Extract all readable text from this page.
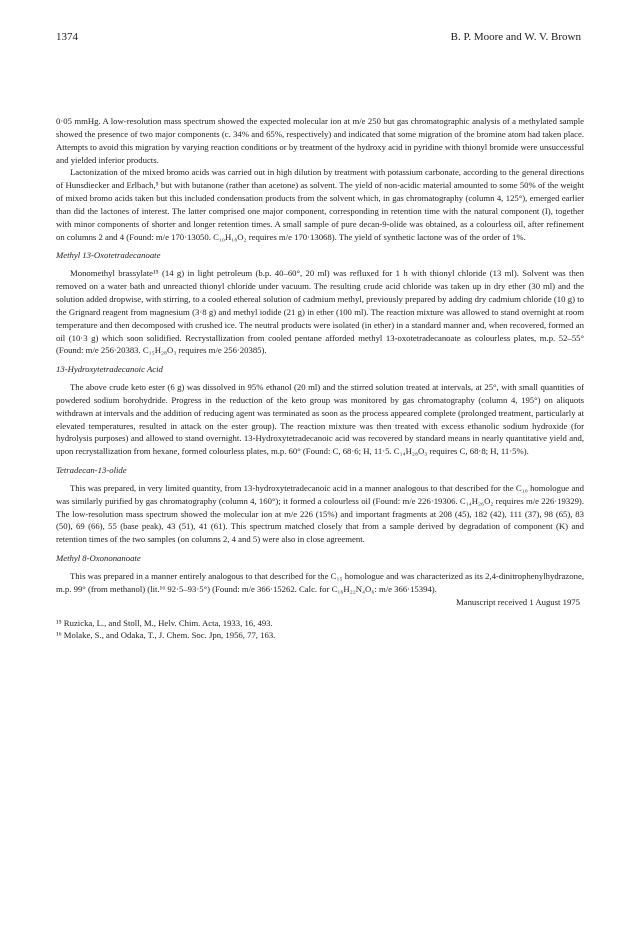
1374	B. P. Moore and W. V. Brown

0·05 mmHg. A low-resolution mass spectrum showed the expected molecular ion at m/e 250 but gas chromatographic analysis of a methylated sample showed the presence of two major components (c. 34% and 65%, respectively) and indicated that some migration of the bromine atom had taken place. Attempts to avoid this migration by varying reaction conditions or by treatment of the hydroxy acid in pyridine with thionyl bromide were unsuccessful and yielded inferior products.

Lactonization of the mixed bromo acids was carried out in high dilution by treatment with potassium carbonate, according to the general directions of Hunsdiecker and Erlbach,⁵ but with butanone (rather than acetone) as solvent. The yield of non-acidic material amounted to some 50% of the weight of mixed bromo acids taken but this included condensation products from the solvent which, in gas chromatography (column 4, 125°), emerged earlier than did the lactones of interest. The latter comprised one major component, corresponding in retention time with the natural component (I), together with minor components of shorter and longer retention times. A small sample of pure decan-9-olide was obtained, as a colourless oil, after refinement on columns 2 and 4 (Found: m/e 170·13050. C₁₀H₁₈O₂ requires m/e 170·13068). The yield of synthetic lactone was of the order of 1%.

Methyl 13-Oxotetradecanoate

Monomethyl brassylate¹⁵ (14 g) in light petroleum (b.p. 40–60°, 20 ml) was refluxed for 1 h with thionyl chloride (13 ml). Solvent was then removed on a water bath and unreacted thionyl chloride under vacuum. The resulting crude acid chloride was taken up in dry ether (30 ml) and the solution added dropwise, with stirring, to a cooled ethereal solution of cadmium methyl, previously prepared by adding dry cadmium chloride (10 g) to the Grignard reagent from magnesium (3·8 g) and methyl iodide (21 g) in ether (100 ml). The reaction mixture was allowed to stand overnight at room temperature and then decomposed with crushed ice. The neutral products were isolated (in ether) in a standard manner and, when recovered, formed an oil (10·3 g) which soon solidified. Recrystallization from cooled pentane afforded methyl 13-oxotetradecanoate as colourless plates, m.p. 52–55° (Found: m/e 256·20383. C₁₅H₂₈O₃ requires m/e 256·20385).

13-Hydroxytetradecanoic Acid

The above crude keto ester (6 g) was dissolved in 95% ethanol (20 ml) and the stirred solution treated at intervals, at 25°, with small quantities of powdered sodium borohydride. Progress in the reduction of the keto group was monitored by gas chromatography (column 4, 195°) on aliquots withdrawn at intervals and the addition of reducing agent was terminated as soon as the process appeared complete (prolonged treatment, particularly at elevated temperatures, resulted in attack on the ester group). The reaction mixture was then treated with excess ethanolic sodium hydroxide (for hydrolysis purposes) and allowed to stand overnight. 13-Hydroxytetradecanoic acid was recovered by standard means in nearly quantitative yield and, upon recrystallization from hexane, formed colourless plates, m.p. 60° (Found: C, 68·6; H, 11·5. C₁₄H₂₈O₃ requires C, 68·8; H, 11·5%).

Tetradecan-13-olide

This was prepared, in very limited quantity, from 13-hydroxytetradecanoic acid in a manner analogous to that described for the C₁₀ homologue and was similarly purified by gas chromatography (column 4, 160°); it formed a colourless oil (Found: m/e 226·19306. C₁₄H₂₆O₂ requires m/e 226·19329). The low-resolution mass spectrum showed the molecular ion at m/e 226 (15%) and important fragments at 208 (45), 182 (42), 111 (37), 98 (65), 83 (50), 69 (66), 55 (base peak), 43 (51), 41 (61). This spectrum matched closely that from a sample derived by degradation of component (K) and retention times of the two samples (on columns 2, 4 and 5) were also in close agreement.

Methyl 8-Oxononanoate

This was prepared in a manner entirely analogous to that described for the C₁₅ homologue and was characterized as its 2,4-dinitrophenylhydrazone, m.p. 99° (from methanol) (lit.¹⁶ 92·5–93·5°) (Found: m/e 366·15262. Calc. for C₁₆H₂₂N₄O₆: m/e 366·15394).

Manuscript received 1 August 1975

¹⁵ Ruzicka, L., and Stoll, M., Helv. Chim. Acta, 1933, 16, 493.

¹⁶ Molake, S., and Odaka, T., J. Chem. Soc. Jpn, 1956, 77, 163.
